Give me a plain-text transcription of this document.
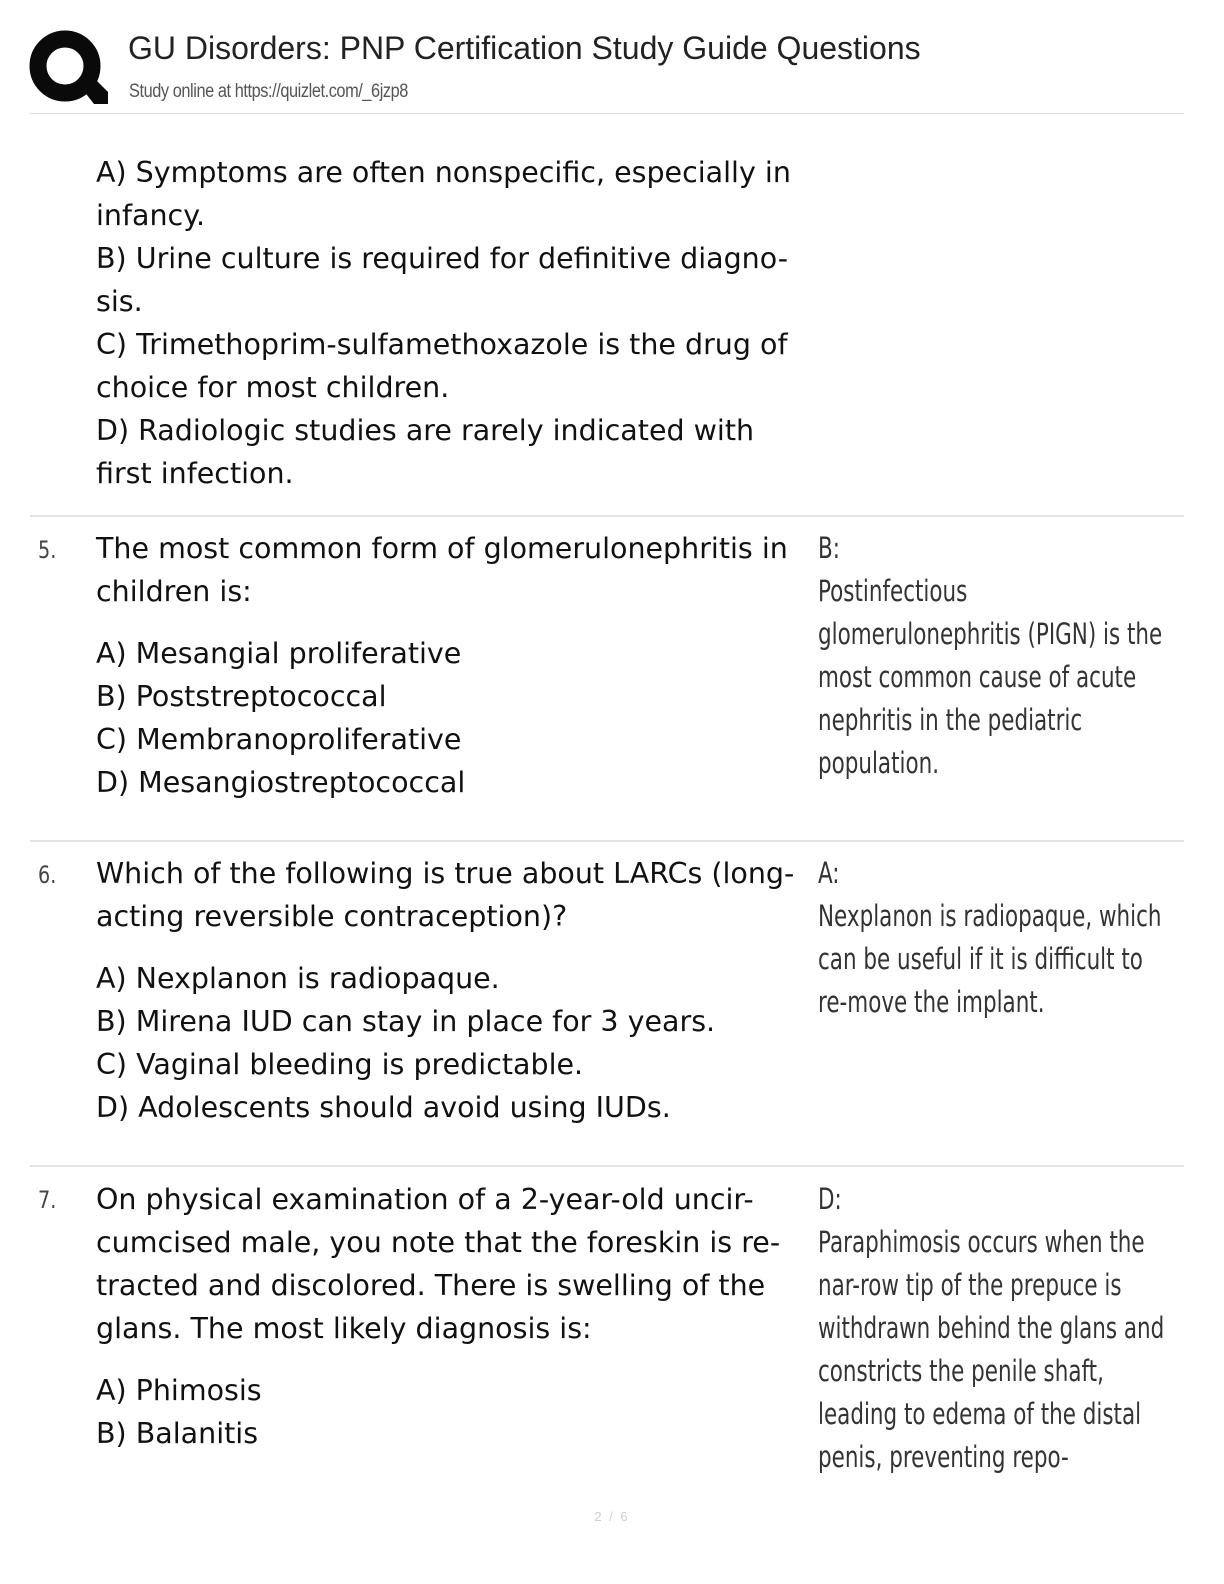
GU Disorders: PNP Certification Study Guide Questions
Study online at https://quizlet.com/_6jzp8

A) Symptoms are often nonspecific, especially in infancy.

B) Urine culture is required for definitive diagno-sis.

C) Trimethoprim-sulfamethoxazole is the drug of choice for most children.

D) Radiologic studies are rarely indicated with first infection.

5. The most common form of glomerulonephritis in children is:

A) Mesangial proliferative

B) Poststreptococcal

C) Membranoproliferative

D) Mesangiostreptococcal

B:

Postinfectious glomerulonephritis (PIGN) is the most common cause of acute nephritis in the pediatric population.

6. Which of the following is true about LARCs (long-acting reversible contraception)?

A) Nexplanon is radiopaque.

B) Mirena IUD can stay in place for 3 years.

C) Vaginal bleeding is predictable.

D) Adolescents should avoid using IUDs.

A:

Nexplanon is radiopaque, which can be useful if it is difficult to re-move the implant.

7. On physical examination of a 2-year-old uncir-cumcised male, you note that the foreskin is re-tracted and discolored. There is swelling of the glans. The most likely diagnosis is:

A) Phimosis

B) Balanitis

D:

Paraphimosis occurs when the nar-row tip of the prepuce is withdrawn behind the glans and constricts the penile shaft, leading to edema of the distal penis, preventing repo-

2 / 6
